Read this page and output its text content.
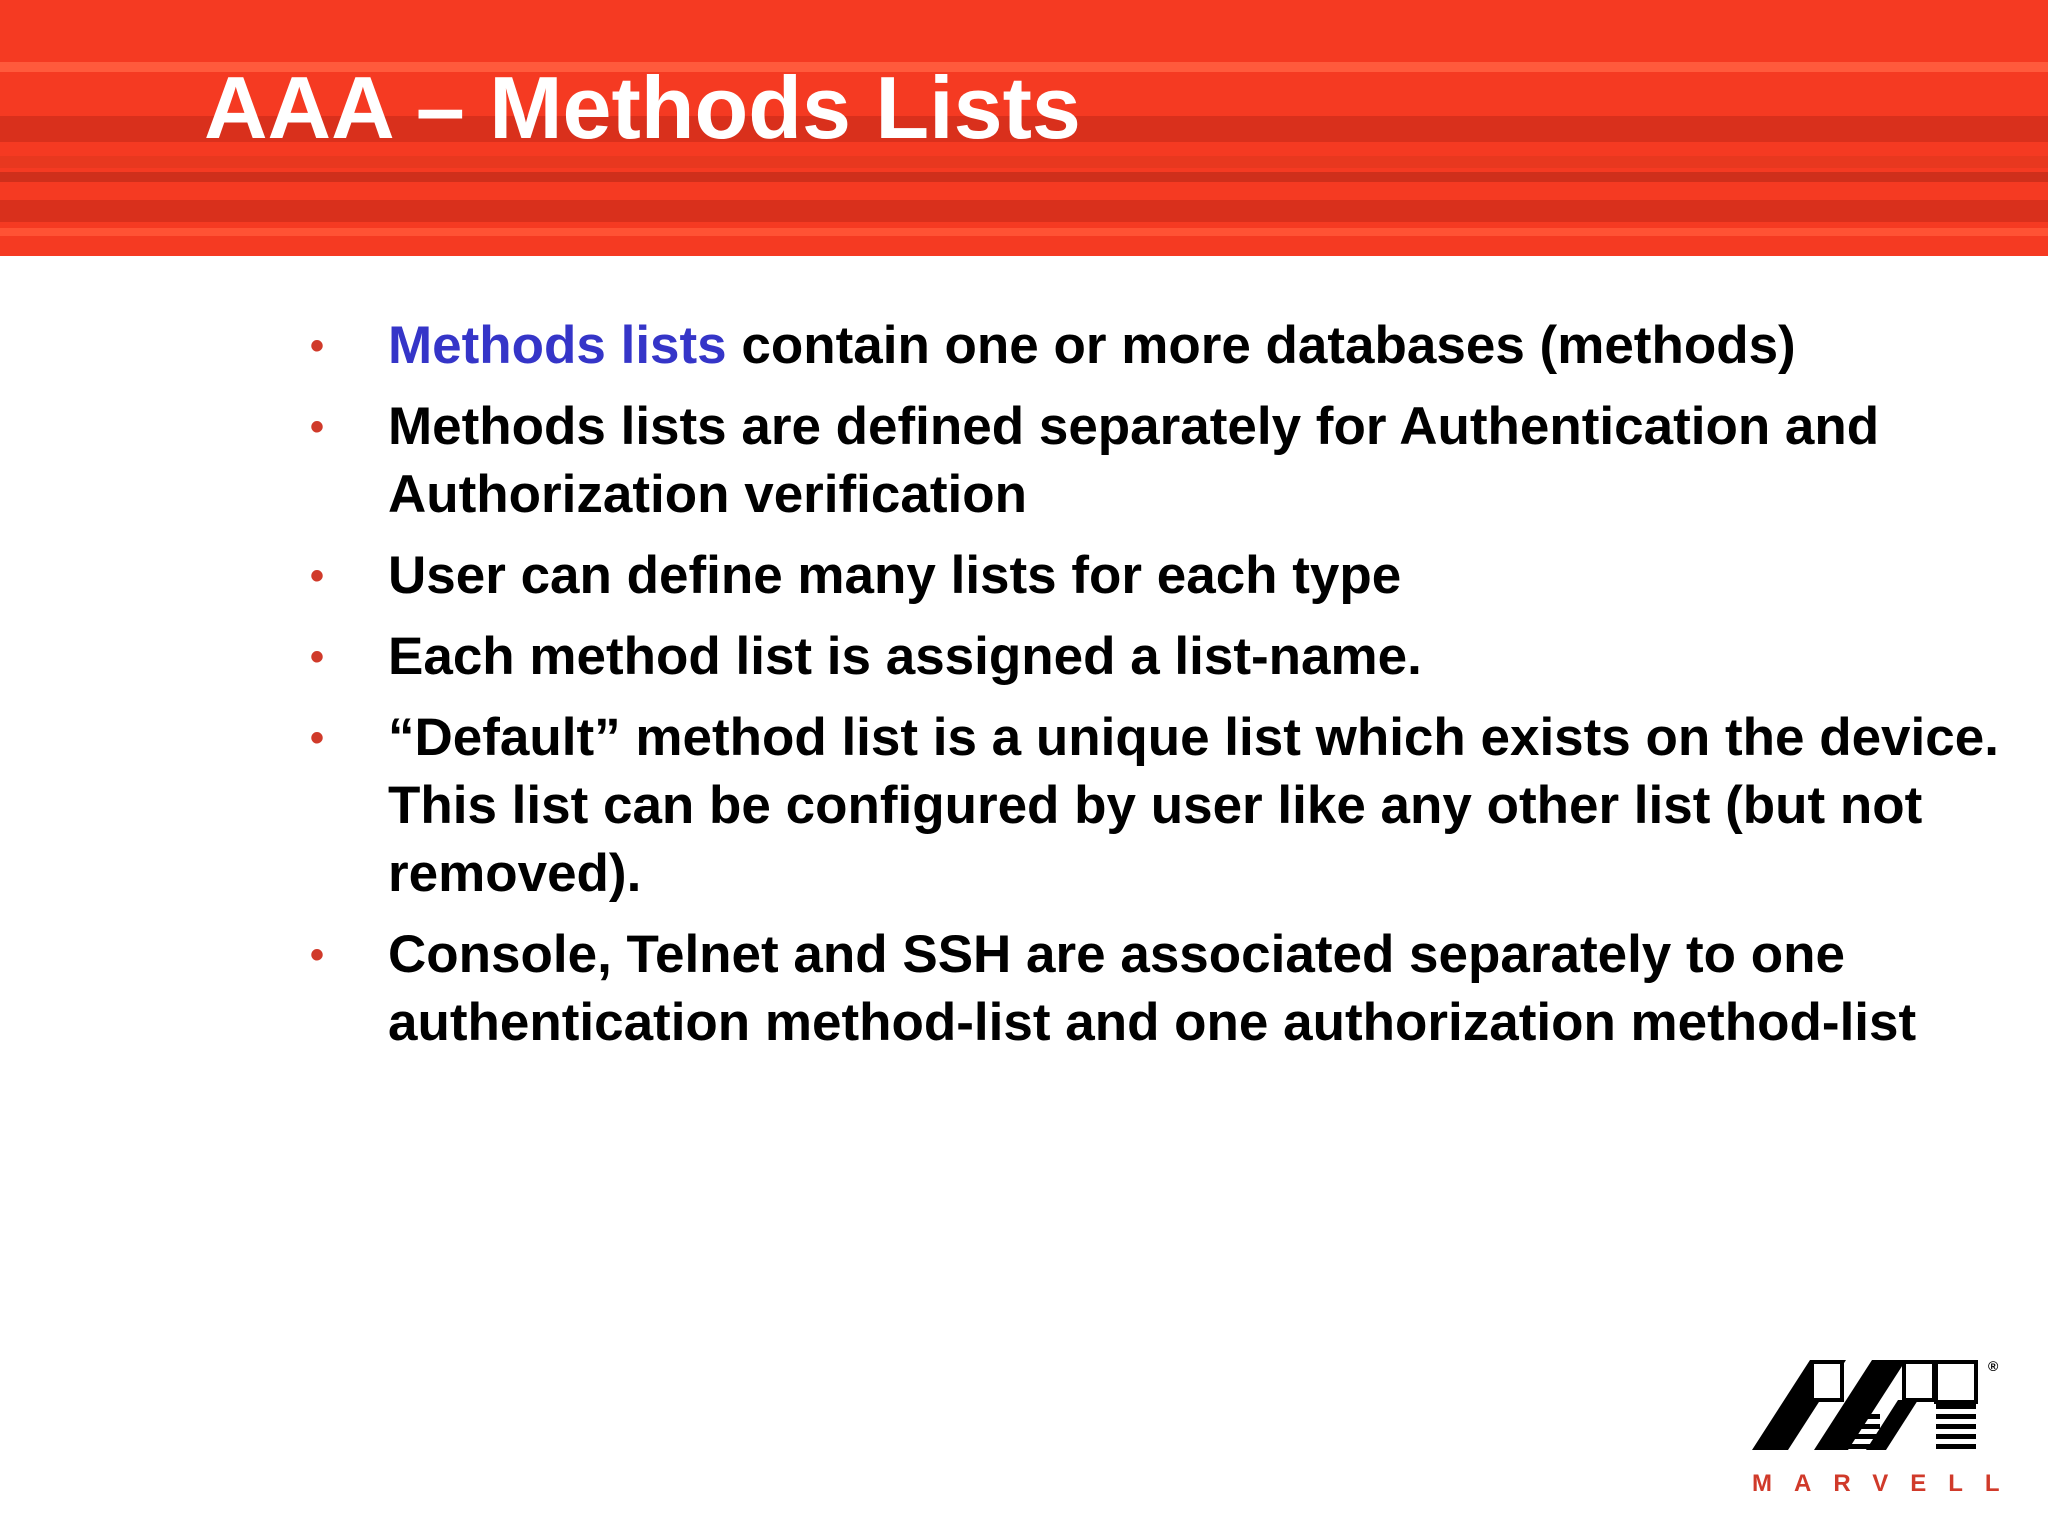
AAA – Methods Lists
• Methods lists contain one or more databases (methods)
• Methods lists are defined separately for Authentication and Authorization verification
• User can define many lists for each type
• Each method list is assigned a list-name.
• “Default” method list is a unique list which exists on the device. This list can be configured by user like any other list (but not removed).
• Console, Telnet and SSH are associated separately to one authentication method-list and one authorization method-list
®
MARVELL
